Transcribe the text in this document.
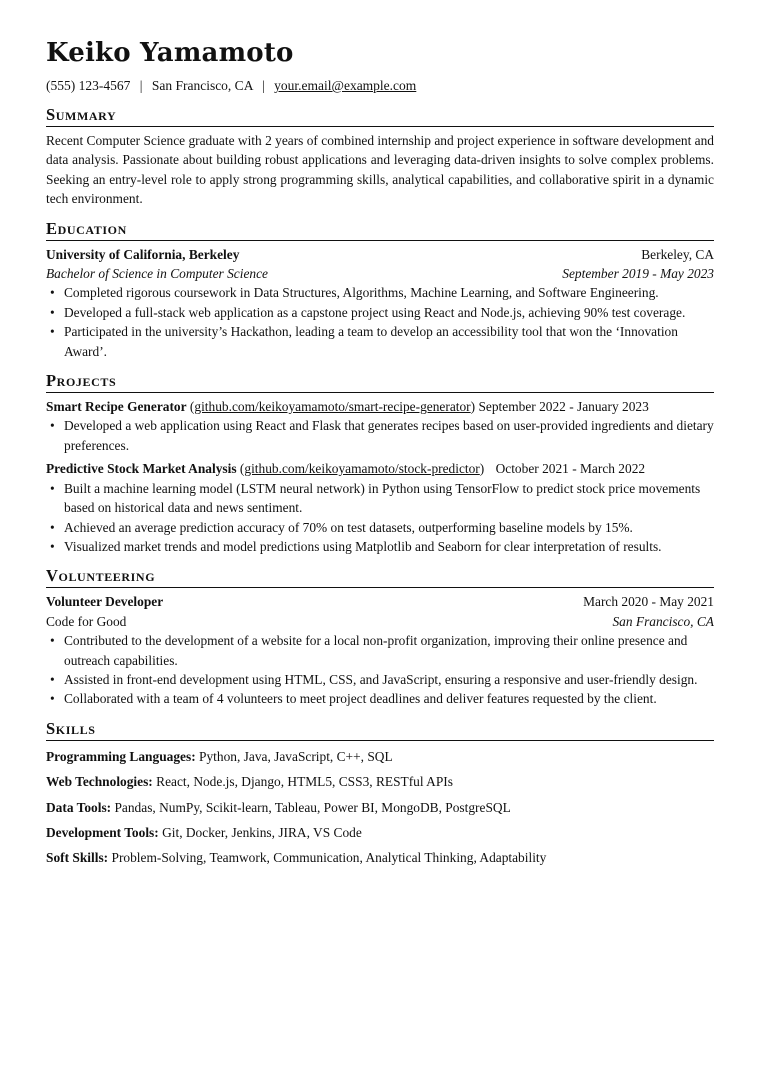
Keiko Yamamoto
(555) 123-4567 | San Francisco, CA | your.email@example.com
Summary
Recent Computer Science graduate with 2 years of combined internship and project experience in software development and data analysis. Passionate about building robust applications and leveraging data-driven insights to solve complex problems. Seeking an entry-level role to apply strong programming skills, analytical capabilities, and collaborative spirit in a dynamic tech environment.
Education
University of California, Berkeley	Berkeley, CA
Bachelor of Science in Computer Science	September 2019 - May 2023
• Completed rigorous coursework in Data Structures, Algorithms, Machine Learning, and Software Engineering.
• Developed a full-stack web application as a capstone project using React and Node.js, achieving 90% test coverage.
• Participated in the university’s Hackathon, leading a team to develop an accessibility tool that won the ‘Innovation Award’.
Projects
Smart Recipe Generator (github.com/keikoyamamoto/smart-recipe-generator) September 2022 - January 2023
• Developed a web application using React and Flask that generates recipes based on user-provided ingredients and dietary preferences.
Predictive Stock Market Analysis (github.com/keikoyamamoto/stock-predictor) October 2021 - March 2022
• Built a machine learning model (LSTM neural network) in Python using TensorFlow to predict stock price movements based on historical data and news sentiment.
• Achieved an average prediction accuracy of 70% on test datasets, outperforming baseline models by 15%.
• Visualized market trends and model predictions using Matplotlib and Seaborn for clear interpretation of results.
Volunteering
Volunteer Developer	March 2020 - May 2021
Code for Good	San Francisco, CA
• Contributed to the development of a website for a local non-profit organization, improving their online presence and outreach capabilities.
• Assisted in front-end development using HTML, CSS, and JavaScript, ensuring a responsive and user-friendly design.
• Collaborated with a team of 4 volunteers to meet project deadlines and deliver features requested by the client.
Skills
Programming Languages: Python, Java, JavaScript, C++, SQL
Web Technologies: React, Node.js, Django, HTML5, CSS3, RESTful APIs
Data Tools: Pandas, NumPy, Scikit-learn, Tableau, Power BI, MongoDB, PostgreSQL
Development Tools: Git, Docker, Jenkins, JIRA, VS Code
Soft Skills: Problem-Solving, Teamwork, Communication, Analytical Thinking, Adaptability
